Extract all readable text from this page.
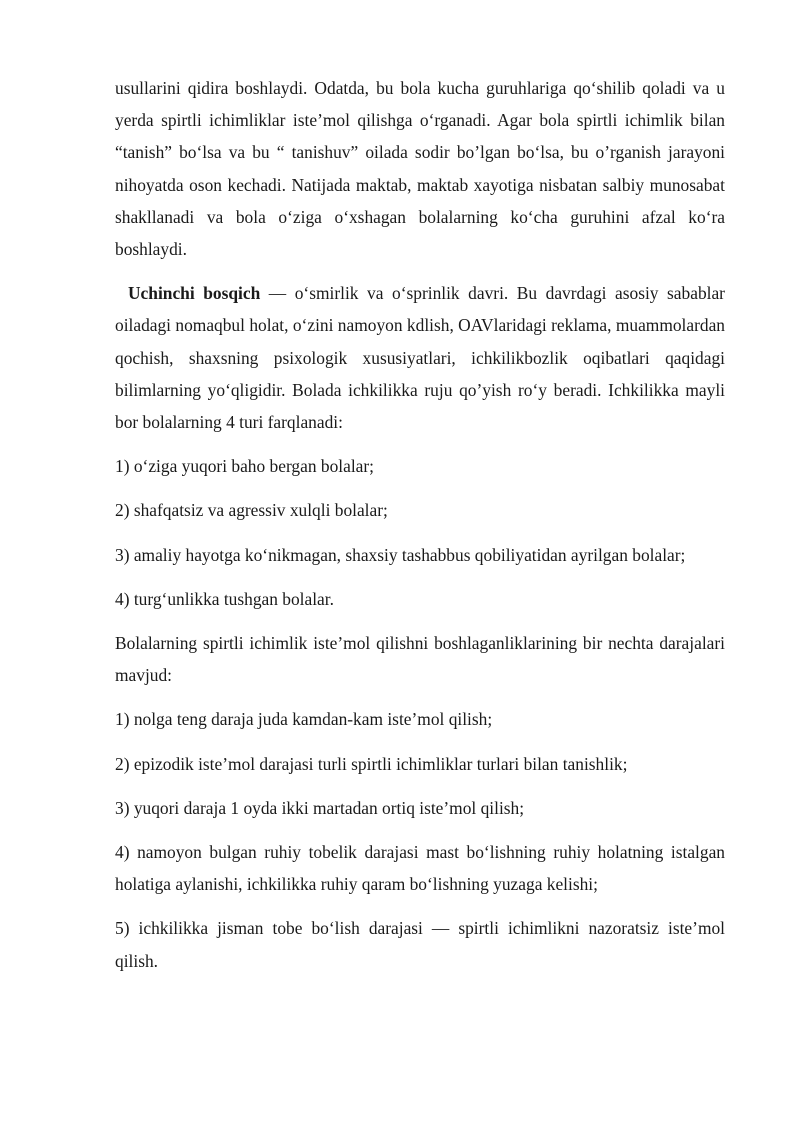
usullarini qidira boshlaydi. Odatda, bu bola kucha guruhlariga qo‘shilib qoladi va u yerda spirtli ichimliklar iste’mol qilishga o‘rganadi. Agar bola spirtli ichimlik bilan “tanish” bo‘lsa va bu “ tanishuv” oilada sodir bo’lgan bo‘lsa, bu o’rganish jarayoni nihoyatda oson kechadi. Natijada maktab, maktab xayotiga nisbatan salbiy munosabat shakllanadi va bola o‘ziga o‘xshagan bolalarning ko‘cha guruhini afzal ko‘ra boshlaydi.

Uchinchi bosqich — o‘smirlik va o‘sprinlik davri. Bu davrdagi asosiy sabablar oiladagi nomaqbul holat, o‘zini namoyon kdlish, OAVlaridagi reklama, muammolardan qochish, shaxsning psixologik xususiyatlari, ichkilikbozlik oqibatlari qaqidagi bilimlarning yo‘qligidir. Bolada ichkilikka ruju qo’yish ro‘y beradi. Ichkilikka mayli bor bolalarning 4 turi farqlanadi:

1) o‘ziga yuqori baho bergan bolalar;

2) shafqatsiz va agressiv xulqli bolalar;

3) amaliy hayotga ko‘nikmagan, shaxsiy tashabbus qobiliyatidan ayrilgan bolalar;

4) turg‘unlikka tushgan bolalar.

Bolalarning spirtli ichimlik iste’mol qilishni boshlaganliklarining bir nechta darajalari mavjud:

1) nolga teng daraja juda kamdan-kam iste’mol qilish;

2) epizodik iste’mol darajasi turli spirtli ichimliklar turlari bilan tanishlik;

3) yuqori daraja 1 oyda ikki martadan ortiq iste’mol qilish;

4) namoyon bulgan ruhiy tobelik darajasi mast bo‘lishning ruhiy holatning istalgan holatiga aylanishi, ichkilikka ruhiy qaram bo‘lishning yuzaga kelishi;

5) ichkilikka jisman tobe bo‘lish darajasi — spirtli ichimlikni nazoratsiz iste’mol qilish.
